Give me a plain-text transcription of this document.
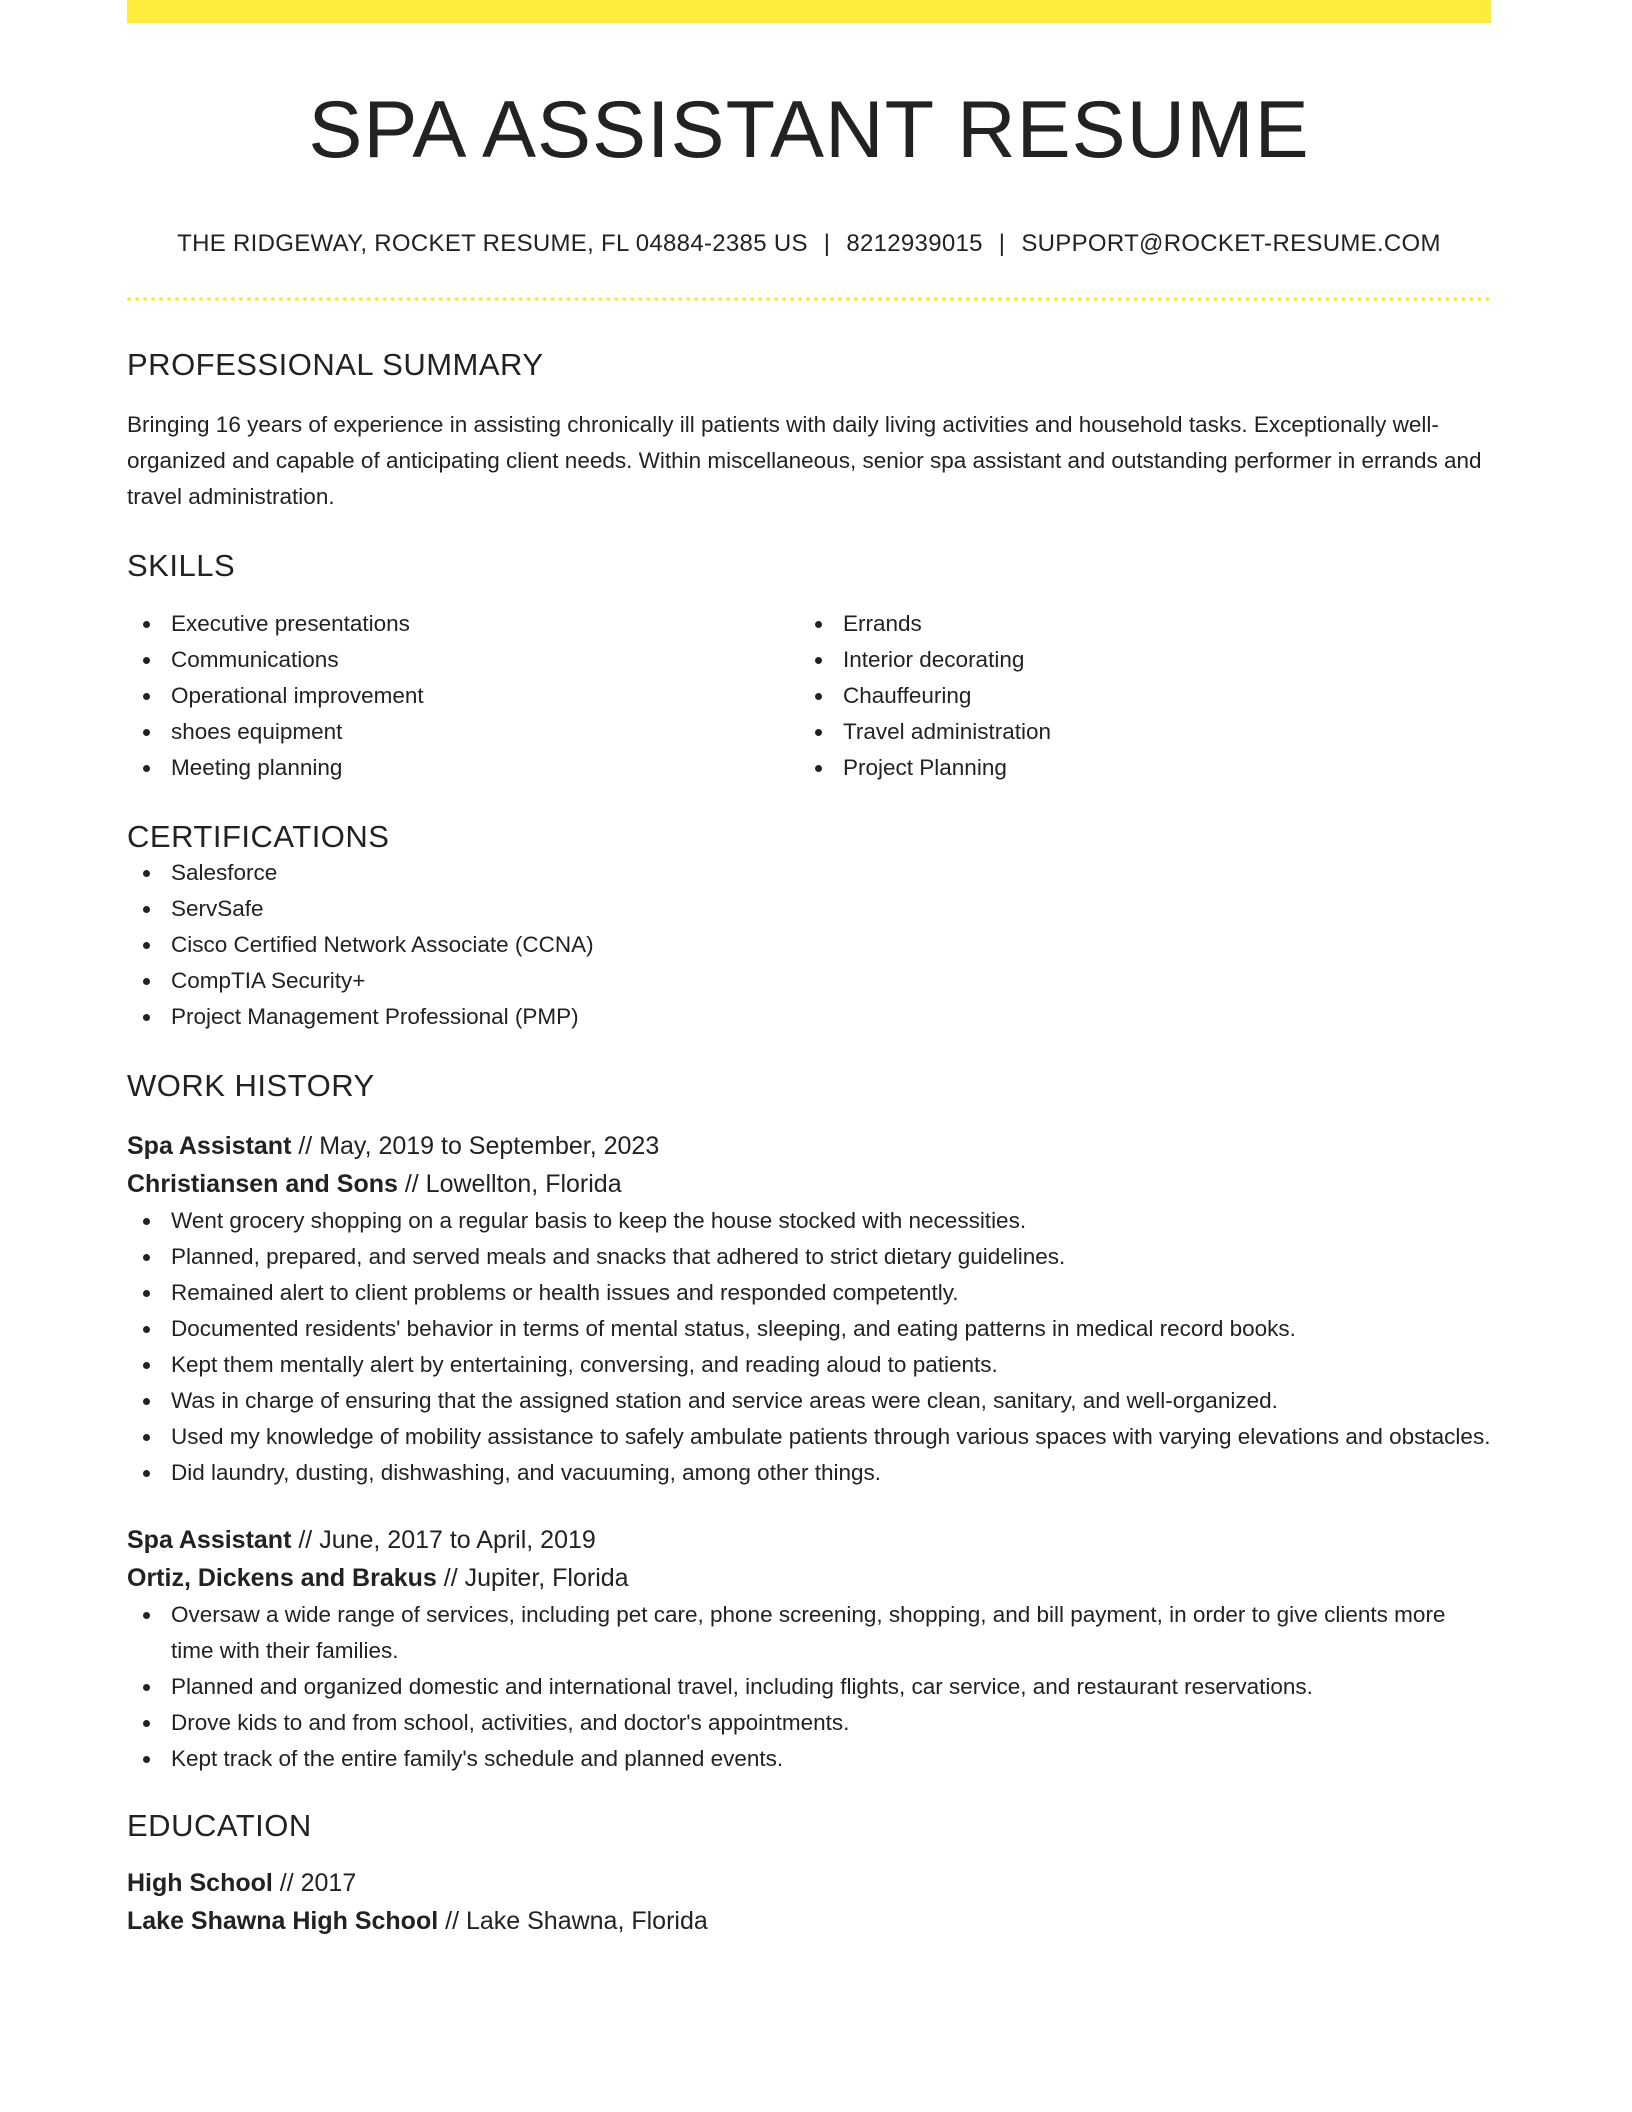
SPA ASSISTANT RESUME
THE RIDGEWAY, ROCKET RESUME, FL 04884-2385 US | 8212939015 | SUPPORT@ROCKET-RESUME.COM
PROFESSIONAL SUMMARY

Bringing 16 years of experience in assisting chronically ill patients with daily living activities and household tasks. Exceptionally well-organized and capable of anticipating client needs. Within miscellaneous, senior spa assistant and outstanding performer in errands and travel administration.

SKILLS
Executive presentations
Communications
Operational improvement
shoes equipment
Meeting planning
Errands
Interior decorating
Chauffeuring
Travel administration
Project Planning
CERTIFICATIONS
Salesforce
ServSafe
Cisco Certified Network Associate (CCNA)
CompTIA Security+
Project Management Professional (PMP)
WORK HISTORY
Spa Assistant // May, 2019 to September, 2023
Christiansen and Sons // Lowellton, Florida
Went grocery shopping on a regular basis to keep the house stocked with necessities.
Planned, prepared, and served meals and snacks that adhered to strict dietary guidelines.
Remained alert to client problems or health issues and responded competently.
Documented residents' behavior in terms of mental status, sleeping, and eating patterns in medical record books.
Kept them mentally alert by entertaining, conversing, and reading aloud to patients.
Was in charge of ensuring that the assigned station and service areas were clean, sanitary, and well-organized.
Used my knowledge of mobility assistance to safely ambulate patients through various spaces with varying elevations and obstacles.
Did laundry, dusting, dishwashing, and vacuuming, among other things.
Spa Assistant // June, 2017 to April, 2019
Ortiz, Dickens and Brakus // Jupiter, Florida
Oversaw a wide range of services, including pet care, phone screening, shopping, and bill payment, in order to give clients more time with their families.
Planned and organized domestic and international travel, including flights, car service, and restaurant reservations.
Drove kids to and from school, activities, and doctor's appointments.
Kept track of the entire family's schedule and planned events.
EDUCATION
High School // 2017
Lake Shawna High School // Lake Shawna, Florida
